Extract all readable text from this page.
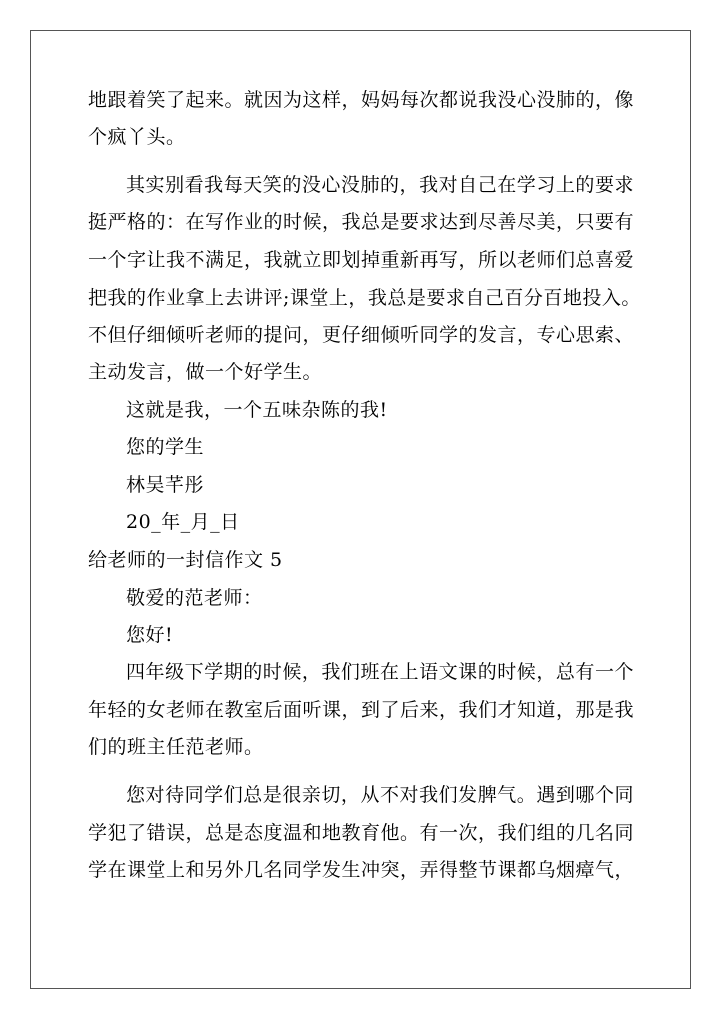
地跟着笑了起来。就因为这样，妈妈每次都说我没心没肺的，像
个疯丫头。
其实别看我每天笑的没心没肺的，我对自己在学习上的要求
挺严格的：在写作业的时候，我总是要求达到尽善尽美，只要有
一个字让我不满足，我就立即划掉重新再写，所以老师们总喜爱
把我的作业拿上去讲评;课堂上，我总是要求自己百分百地投入。
不但仔细倾听老师的提问，更仔细倾听同学的发言，专心思索、
主动发言，做一个好学生。
这就是我，一个五味杂陈的我!
您的学生
林吴芊彤
20_年_月_日
给老师的一封信作文 5
敬爱的范老师：
您好!
四年级下学期的时候，我们班在上语文课的时候，总有一个
年轻的女老师在教室后面听课，到了后来，我们才知道，那是我
们的班主任范老师。
您对待同学们总是很亲切，从不对我们发脾气。遇到哪个同
学犯了错误，总是态度温和地教育他。有一次，我们组的几名同
学在课堂上和另外几名同学发生冲突，弄得整节课都乌烟瘴气，
